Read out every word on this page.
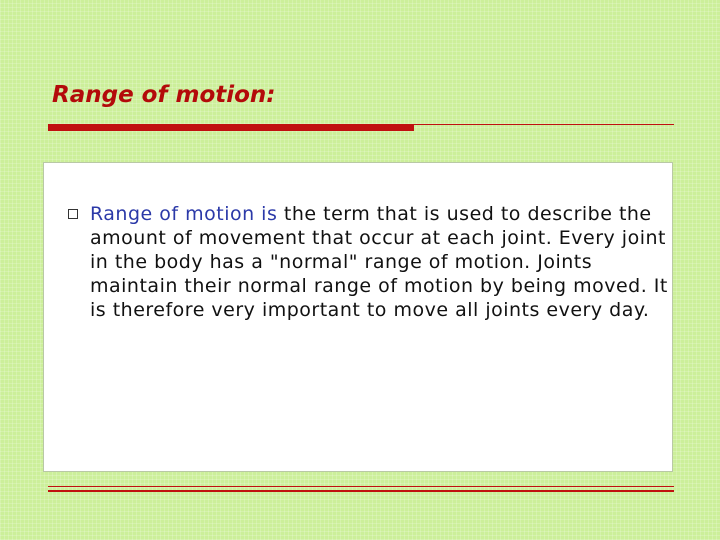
Range of motion:

Range of motion is the term that is used to describe the amount of movement that occur at each joint. Every joint in the body has a "normal" range of motion. Joints maintain their normal range of motion by being moved. It is therefore very important to move all joints every day.
